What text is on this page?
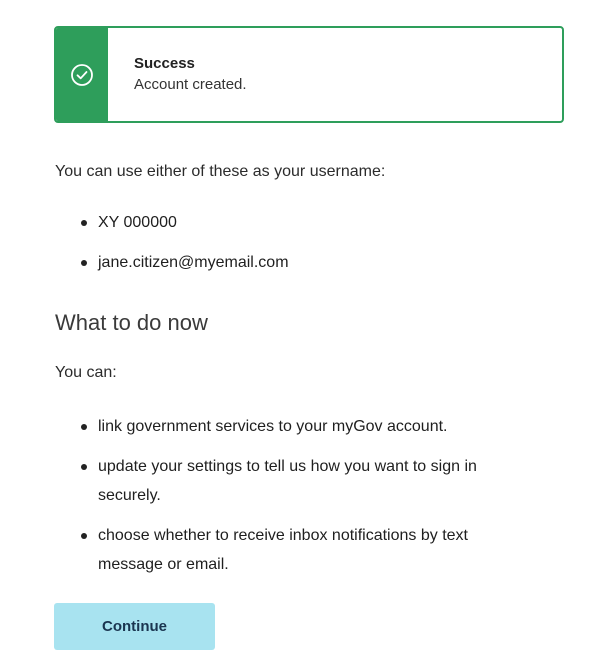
Success
Account created.

You can use either of these as your username:

XY 000000
jane.citizen@myemail.com
What to do now

You can:

link government services to your myGov account.
update your settings to tell us how you want to sign in securely.
choose whether to receive inbox notifications by text message or email.
Continue
